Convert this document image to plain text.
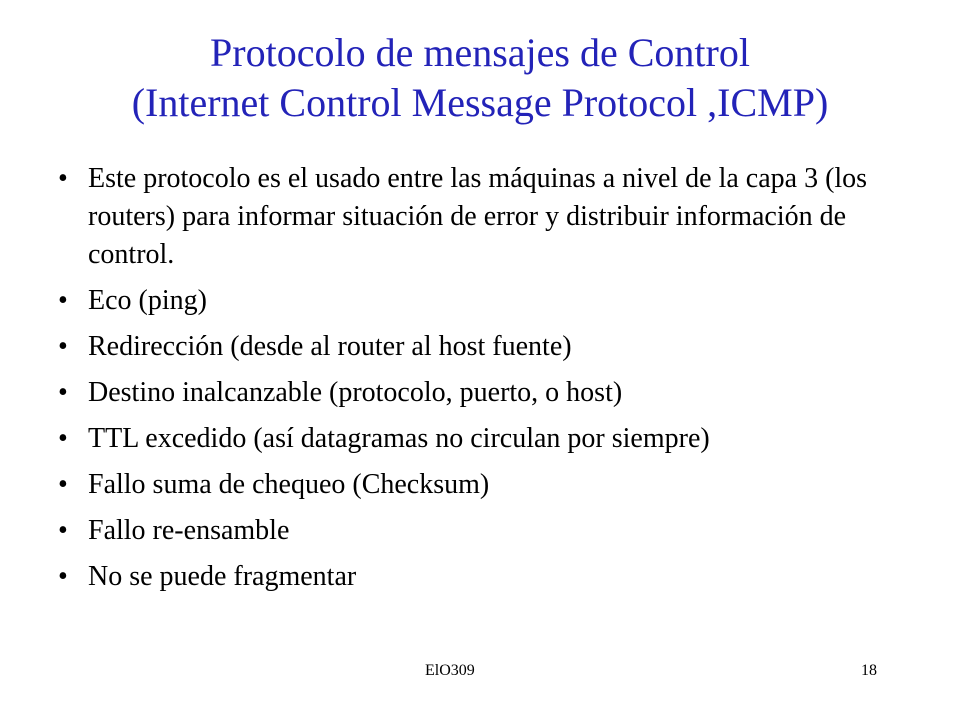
Protocolo de mensajes de Control
(Internet Control Message Protocol ,ICMP)
• Este protocolo es el usado entre las máquinas a nivel de la capa 3 (los routers) para informar situación de error y distribuir información de control.
• Eco (ping)
• Redirección (desde al router al host fuente)
• Destino inalcanzable (protocolo, puerto, o host)
• TTL excedido (así datagramas no circulan por siempre)
• Fallo suma de chequeo (Checksum)
• Fallo re-ensamble
• No se puede fragmentar
ElO309	18
